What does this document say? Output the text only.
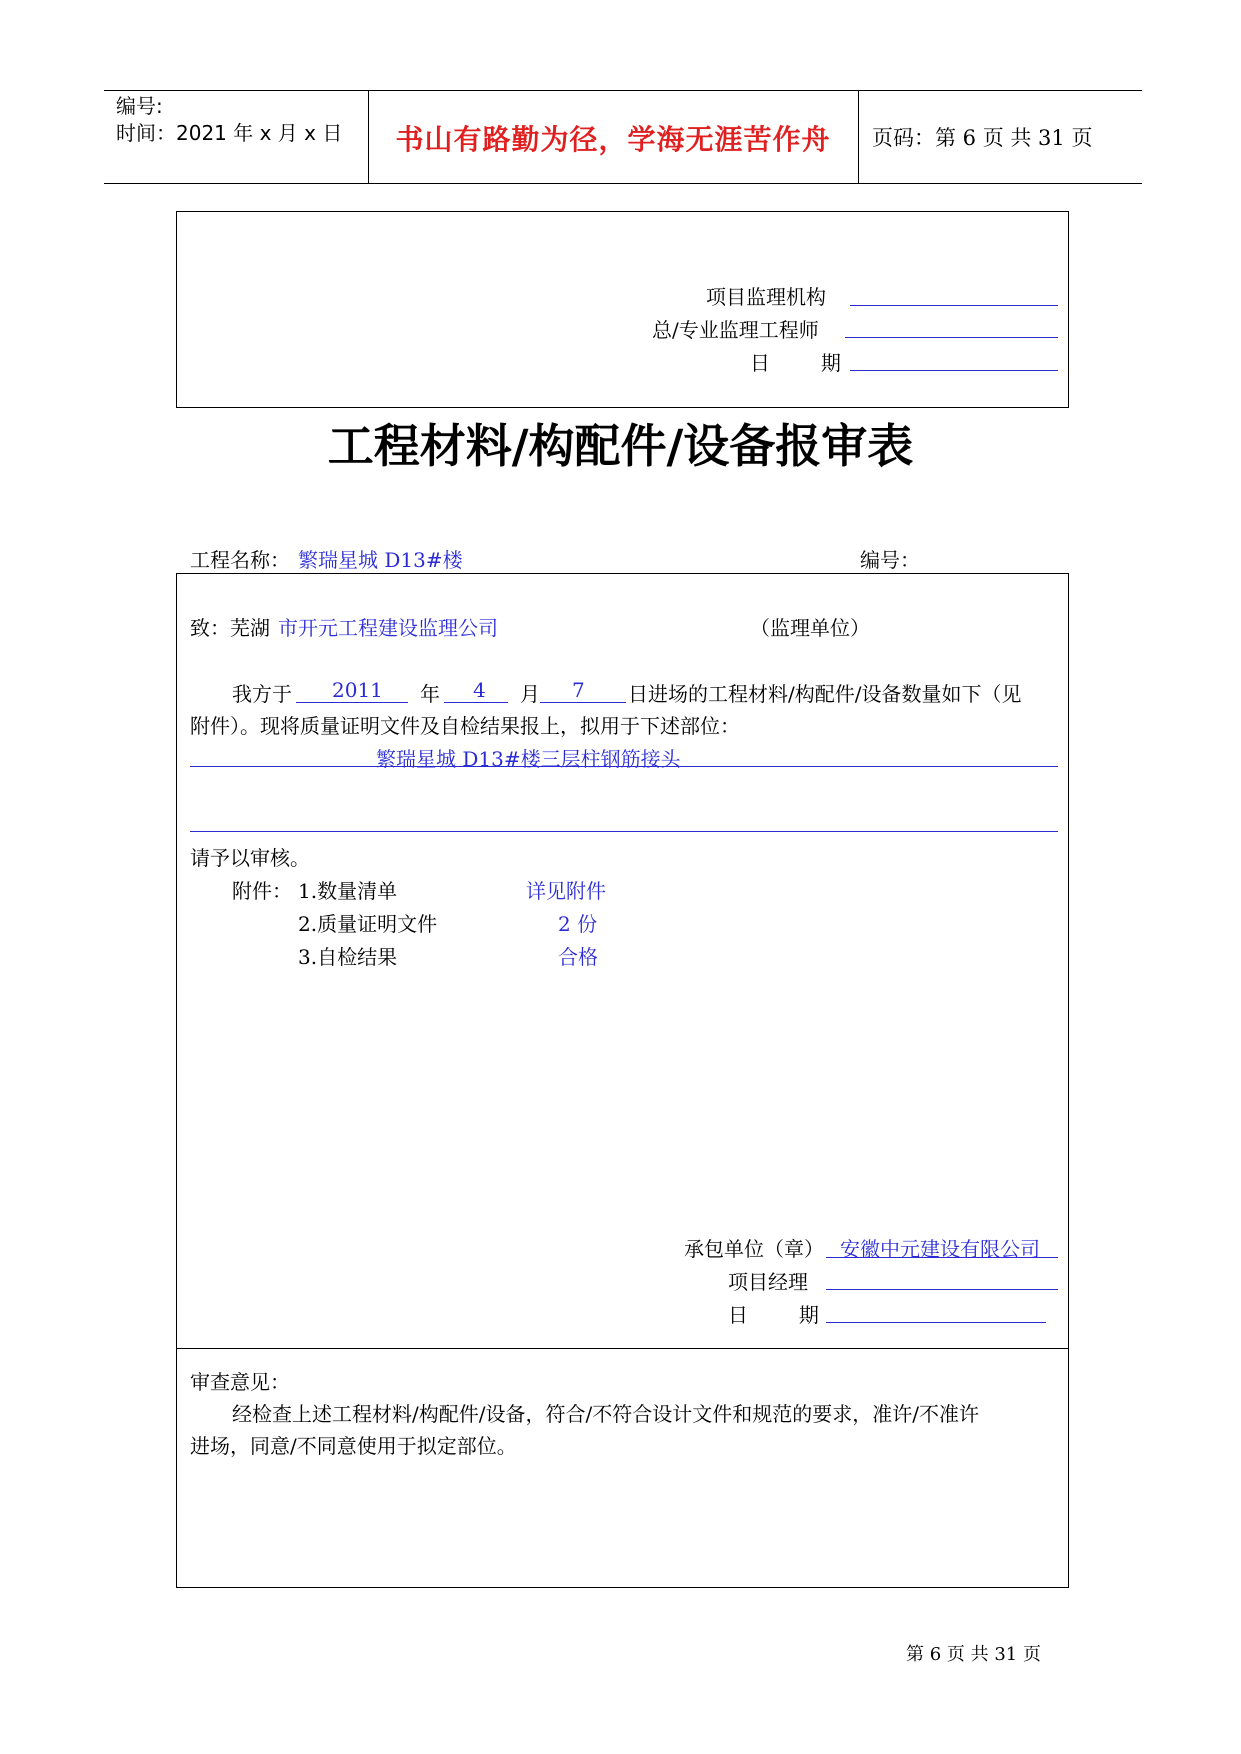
编号:
时间：2021 年 x 月 x 日	书山有路勤为径，学海无涯苦作舟	页码：第 6 页 共 31 页
项目监理机构
总/专业监理工程师
日        期
工程材料/构配件/设备报审表
工程名称： 繁瑞星城 D13#楼	编号：
致：芜湖 市开元工程建设监理公司	（监理单位）
我方于 2011 年 4 月 7 日进场的工程材料/构配件/设备数量如下（见
附件）。现将质量证明文件及自检结果报上，拟用于下述部位：
繁瑞星城 D13#楼三层柱钢筋接头
请予以审核。
附件： 1.数量清单	详见附件
2.质量证明文件	2 份
3.自检结果	合格
承包单位（章） 安徽中元建设有限公司
项目经理
日        期
审查意见：
经检查上述工程材料/构配件/设备，符合/不符合设计文件和规范的要求，准许/不准许
进场，同意/不同意使用于拟定部位。
第 6 页 共 31 页
